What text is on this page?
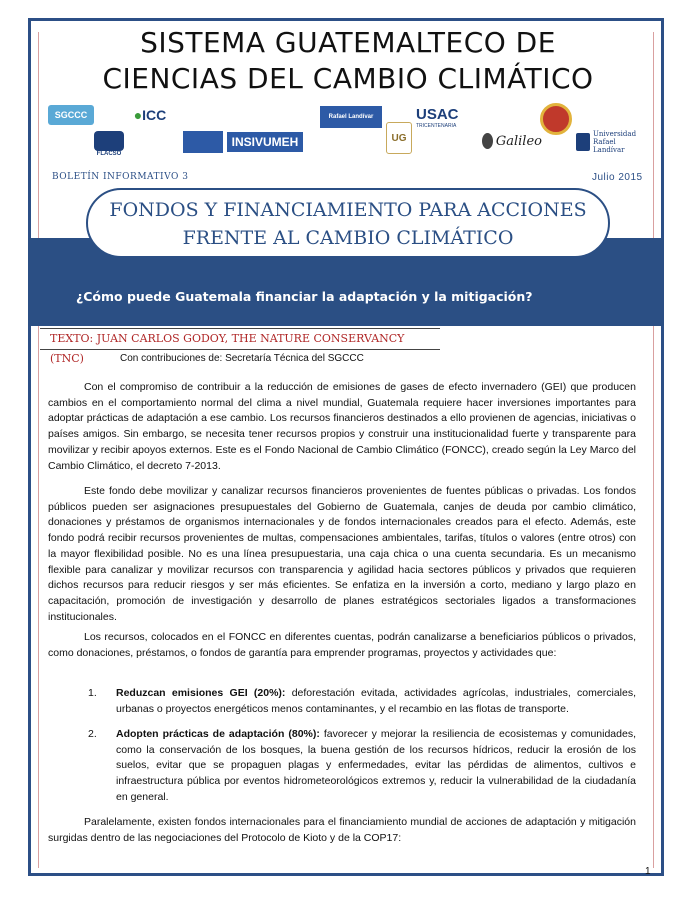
SISTEMA GUATEMALTECO DE
CIENCIAS DEL CAMBIO CLIMÁTICO
SGCCC	● ICC
FLACSO
INSIVUMEH
Rafael Landívar
UG
USAC
TRICENTENARIA
Galileo	Universidad Rafael Landívar
BOLETÍN INFORMATIVO 3	Julio 2015
FONDOS Y FINANCIAMIENTO PARA ACCIONES
FRENTE AL CAMBIO CLIMÁTICO
¿Cómo puede Guatemala financiar la adaptación y la mitigación?
TEXTO: JUAN CARLOS GODOY, THE NATURE CONSERVANCY (TNC)	Con contribuciones de: Secretaría Técnica del SGCCC
Con el compromiso de contribuir a la reducción de emisiones de gases de efecto invernadero (GEI) que producen cambios en el comportamiento normal del clima a nivel mundial, Guatemala requiere hacer inversiones importantes para adoptar prácticas de adaptación a ese cambio. Los recursos financieros destinados a ello provienen de agencias, iniciativas o países amigos. Sin embargo, se necesita tener recursos propios y construir una institucionalidad fuerte y transparente para movilizar y recibir apoyos externos. Este es el Fondo Nacional de Cambio Climático (FONCC), creado según la Ley Marco del Cambio Climático, el decreto 7-2013.
Este fondo debe movilizar y canalizar recursos financieros provenientes de fuentes públicas o privadas. Los fondos públicos pueden ser asignaciones presupuestales del Gobierno de Guatemala, canjes de deuda por cambio climático, donaciones y préstamos de organismos internacionales y de fondos internacionales creados para el efecto. Además, este fondo podrá recibir recursos provenientes de multas, compensaciones ambientales, tarifas, títulos o valores (entre otros) con la mayor flexibilidad posible. No es una línea presupuestaria, una caja chica o una cuenta secundaria. Es un mecanismo flexible para canalizar y movilizar recursos con transparencia y agilidad hacia sectores públicos y privados que requieren dichos recursos para reducir riesgos y ser más eficientes. Se enfatiza en la inversión a corto, mediano y largo plazo en capacitación, promoción de investigación y desarrollo de planes estratégicos sectoriales ligados a transformaciones institucionales.
Los recursos, colocados en el FONCC en diferentes cuentas, podrán canalizarse a beneficiarios públicos o privados, como donaciones, préstamos, o fondos de garantía para emprender programas, proyectos y actividades que:
1. Reduzcan emisiones GEI (20%): deforestación evitada, actividades agrícolas, industriales, comerciales, urbanas o proyectos energéticos menos contaminantes, y el recambio en las flotas de transporte.
2. Adopten prácticas de adaptación (80%): favorecer y mejorar la resiliencia de ecosistemas y comunidades, como la conservación de los bosques, la buena gestión de los recursos hídricos, reducir la erosión de los suelos, evitar que se propaguen plagas y enfermedades, evitar las pérdidas de alimentos, cultivos e infraestructura pública por eventos hidrometeorológicos extremos y, reducir la vulnerabilidad de la ciudadanía en general.
Paralelamente, existen fondos internacionales para el financiamiento mundial de acciones de adaptación y mitigación surgidas dentro de las negociaciones del Protocolo de Kioto y de la COP17:
1
